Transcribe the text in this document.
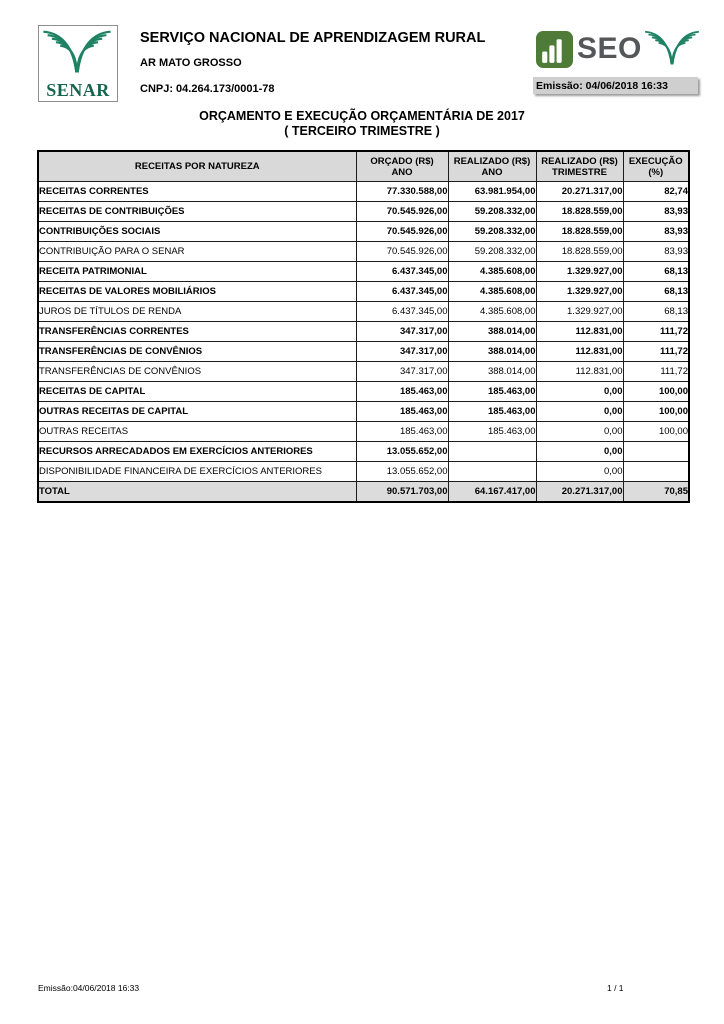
SENAR
SERVIÇO NACIONAL DE APRENDIZAGEM RURAL
AR MATO GROSSO
CNPJ: 04.264.173/0001-78
SEO
Emissão: 04/06/2018 16:33
ORÇAMENTO E EXECUÇÃO ORÇAMENTÁRIA DE 2017
( TERCEIRO TRIMESTRE )
RECEITAS POR NATUREZA	ORÇADO (R$)
ANO

REALIZADO (R$)
ANO

REALIZADO (R$)
TRIMESTRE

EXECUÇÃO
(%)

RECEITAS CORRENTES	77.330.588,00	63.981.954,00	20.271.317,00	82,74
RECEITAS DE CONTRIBUIÇÕES	70.545.926,00	59.208.332,00	18.828.559,00	83,93
CONTRIBUIÇÕES SOCIAIS	70.545.926,00	59.208.332,00	18.828.559,00	83,93
CONTRIBUIÇÃO PARA O SENAR	70.545.926,00	59.208.332,00	18.828.559,00	83,93
RECEITA PATRIMONIAL	6.437.345,00	4.385.608,00	1.329.927,00	68,13
RECEITAS DE VALORES MOBILIÁRIOS	6.437.345,00	4.385.608,00	1.329.927,00	68,13
JUROS DE TÍTULOS DE RENDA	6.437.345,00	4.385.608,00	1.329.927,00	68,13
TRANSFERÊNCIAS CORRENTES	347.317,00	388.014,00	112.831,00	111,72
TRANSFERÊNCIAS DE CONVÊNIOS	347.317,00	388.014,00	112.831,00	111,72
TRANSFERÊNCIAS DE CONVÊNIOS	347.317,00	388.014,00	112.831,00	111,72
RECEITAS DE CAPITAL	185.463,00	185.463,00	0,00	100,00
OUTRAS RECEITAS DE CAPITAL	185.463,00	185.463,00	0,00	100,00
OUTRAS RECEITAS	185.463,00	185.463,00	0,00	100,00
RECURSOS ARRECADADOS EM EXERCÍCIOS ANTERIORES	13.055.652,00		0,00	
DISPONIBILIDADE FINANCEIRA DE EXERCÍCIOS ANTERIORES	13.055.652,00		0,00	
TOTAL	90.571.703,00	64.167.417,00	20.271.317,00	70,85
Emissão:04/06/2018 16:33	1 / 1
